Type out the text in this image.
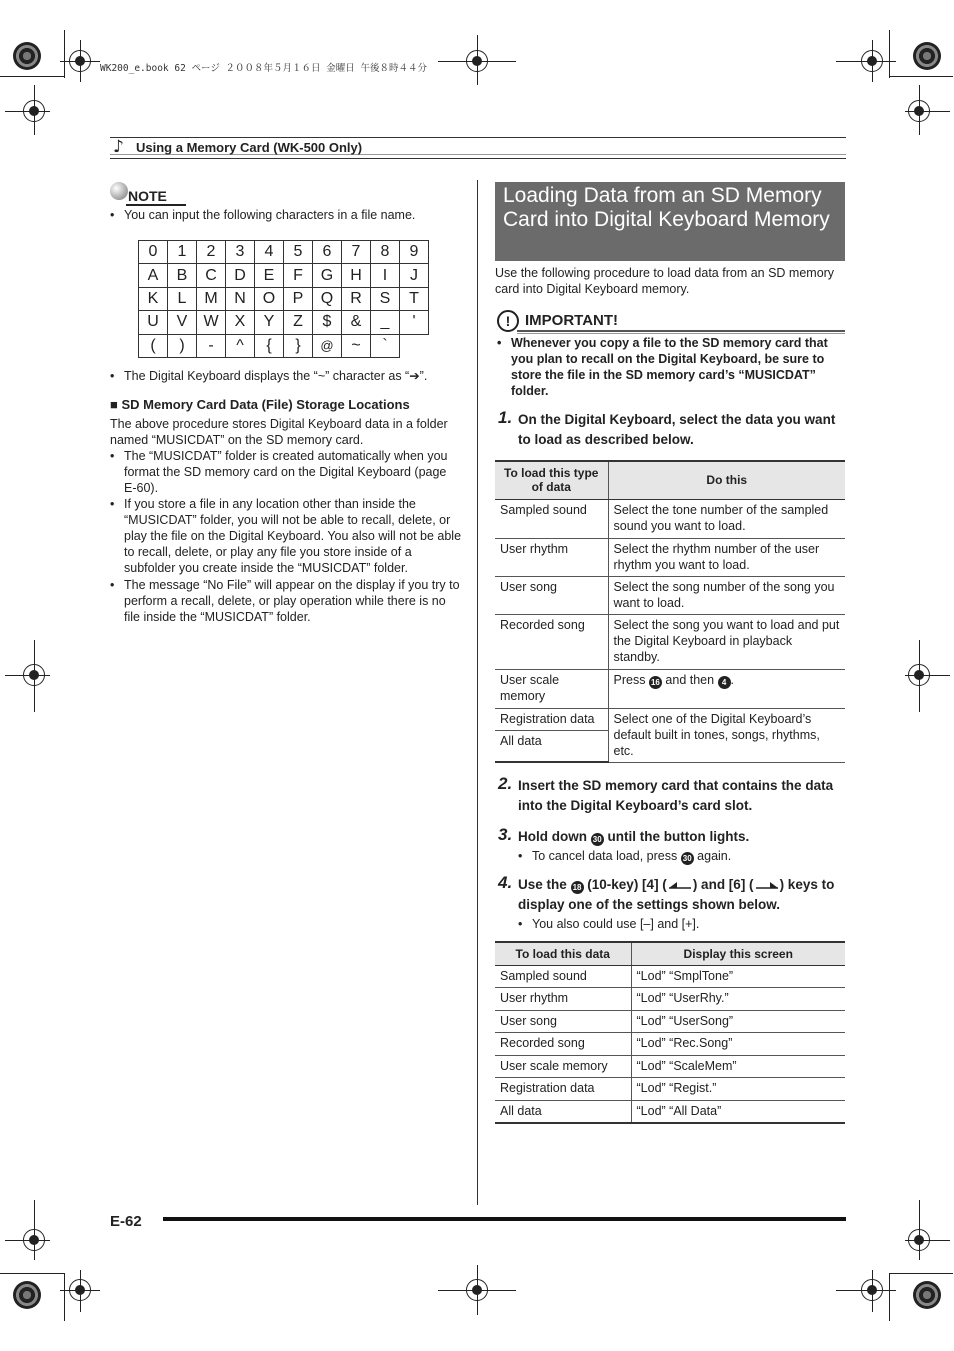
WK200_e.book 62 ページ ２００８年５月１６日 金曜日 午後８時４４分
♪ Using a Memory Card (WK-500 Only)
NOTE
• You can input the following characters in a file name.
0	1	2	3	4	5	6	7	8	9
A	B	C	D	E	F	G	H	I	J
K	L	M	N	O	P	Q	R	S	T
U	V	W	X	Y	Z	$	&	_	'
(	)	-	^	{	}	@	~	`	
• The Digital Keyboard displays the “~” character as “➔”.
■ SD Memory Card Data (File) Storage Locations
The above procedure stores Digital Keyboard data in a folder named “MUSICDAT” on the SD memory card.
• The “MUSICDAT” folder is created automatically when you format the SD memory card on the Digital Keyboard (page E-60).
• If you store a file in any location other than inside the “MUSICDAT” folder, you will not be able to recall, delete, or play the file on the Digital Keyboard. You also will not be able to recall, delete, or play any file you store inside of a subfolder you create inside the “MUSICDAT” folder.
• The message “No File” will appear on the display if you try to perform a recall, delete, or play operation while there is no file inside the “MUSICDAT” folder.
Loading Data from an SD Memory Card into Digital Keyboard Memory
Use the following procedure to load data from an SD memory card into Digital Keyboard memory.
! IMPORTANT!
• Whenever you copy a file to the SD memory card that you plan to recall on the Digital Keyboard, be sure to store the file in the SD memory card’s “MUSICDAT” folder.
1. On the Digital Keyboard, select the data you want to load as described below.
To load this type of data	Do this
Sampled sound	Select the tone number of the sampled sound you want to load.
User rhythm	Select the rhythm number of the user rhythm you want to load.
User song	Select the song number of the song you want to load.
Recorded song	Select the song you want to load and put the Digital Keyboard in playback standby.
User scale memory	Press 16 and then 4 .
Registration data	Select one of the Digital Keyboard’s default built in tones, songs, rhythms, etc.
All data	
2. Insert the SD memory card that contains the data into the Digital Keyboard’s card slot.
3. Hold down 30 until the button lights.
• To cancel data load, press 30 again.
4. Use the 18 (10-key) [4] ( ) and [6] ( ) keys to display one of the settings shown below.
• You also could use [–] and [+].
To load this data	Display this screen
Sampled sound	“Lod” “SmplTone”
User rhythm	“Lod” “UserRhy.”
User song	“Lod” “UserSong”
Recorded song	“Lod” “Rec.Song”
User scale memory	“Lod” “ScaleMem”
Registration data	“Lod” “Regist.”
All data	“Lod” “All Data”
E-62
